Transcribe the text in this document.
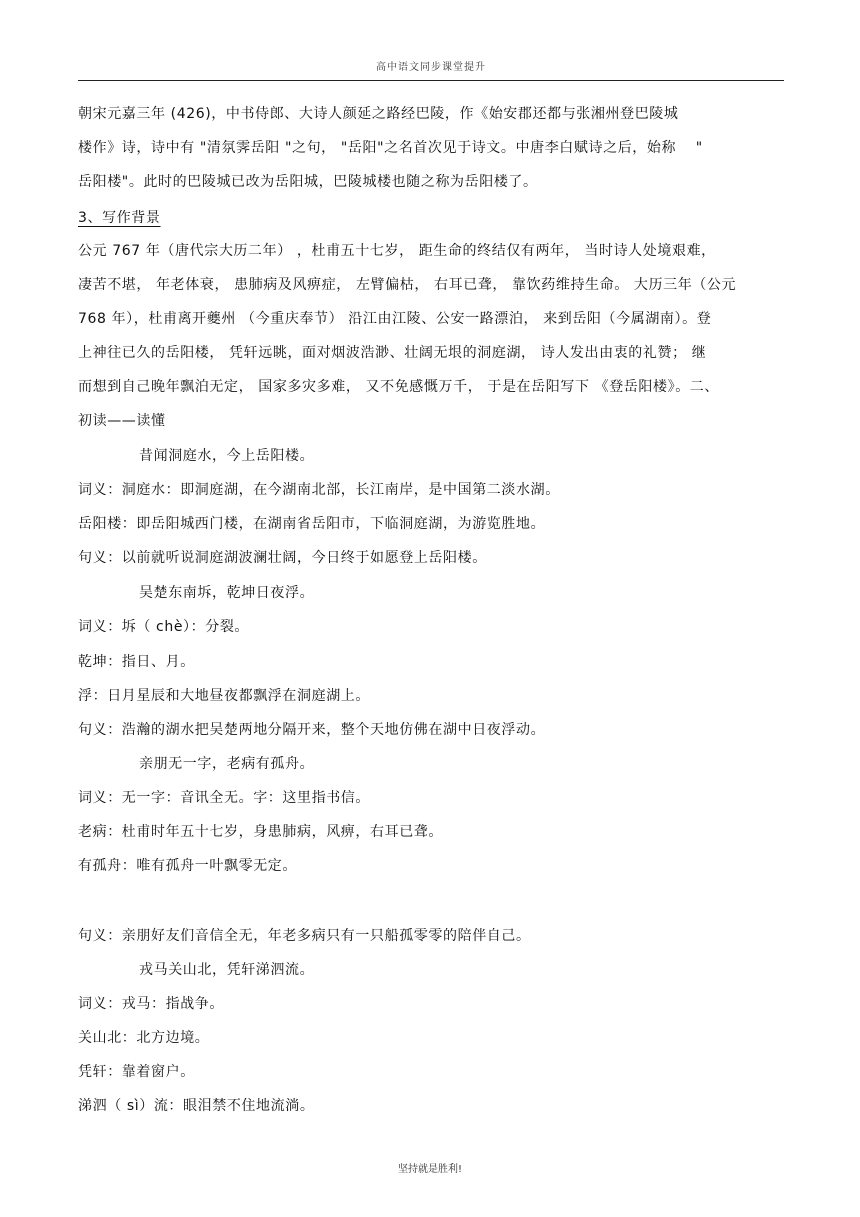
高中语文同步课堂提升
朝宋元嘉三年 (426)，中书侍郎、大诗人颜延之路经巴陵，作《始安郡还都与张湘州登巴陵城
楼作》诗，诗中有 "清氛霁岳阳 "之句， "岳阳"之名首次见于诗文。中唐李白赋诗之后，始称　 "
岳阳楼"。此时的巴陵城已改为岳阳城，巴陵城楼也随之称为岳阳楼了。
3、写作背景
公元 767 年（唐代宗大历二年） ，杜甫五十七岁， 距生命的终结仅有两年， 当时诗人处境艰难，
凄苦不堪， 年老体衰， 患肺病及风痹症， 左臂偏枯， 右耳已聋， 靠饮药维持生命。 大历三年（公元
768 年），杜甫离开夔州 （今重庆奉节） 沿江由江陵、公安一路漂泊， 来到岳阳（今属湖南）。登
上神往已久的岳阳楼， 凭轩远眺，面对烟波浩渺、壮阔无垠的洞庭湖， 诗人发出由衷的礼赞； 继
而想到自己晚年飘泊无定， 国家多灾多难， 又不免感慨万千， 于是在岳阳写下 《登岳阳楼》。二、
初读——读懂
昔闻洞庭水，今上岳阳楼。
词义：洞庭水：即洞庭湖，在今湖南北部，长江南岸，是中国第二淡水湖。
岳阳楼：即岳阳城西门楼，在湖南省岳阳市，下临洞庭湖，为游览胜地。
句义：以前就听说洞庭湖波澜壮阔，今日终于如愿登上岳阳楼。
吴楚东南坼，乾坤日夜浮。
词义：坼（ chè）：分裂。
乾坤：指日、月。
浮：日月星辰和大地昼夜都飘浮在洞庭湖上。
句义：浩瀚的湖水把吴楚两地分隔开来，整个天地仿佛在湖中日夜浮动。
亲朋无一字，老病有孤舟。
词义：无一字：音讯全无。字：这里指书信。
老病：杜甫时年五十七岁，身患肺病，风痹，右耳已聋。
有孤舟：唯有孤舟一叶飘零无定。
句义：亲朋好友们音信全无，年老多病只有一只船孤零零的陪伴自己。
戎马关山北，凭轩涕泗流。
词义：戎马：指战争。
关山北：北方边境。
凭轩：靠着窗户。
涕泗（ sì）流：眼泪禁不住地流淌。
坚持就是胜利!
